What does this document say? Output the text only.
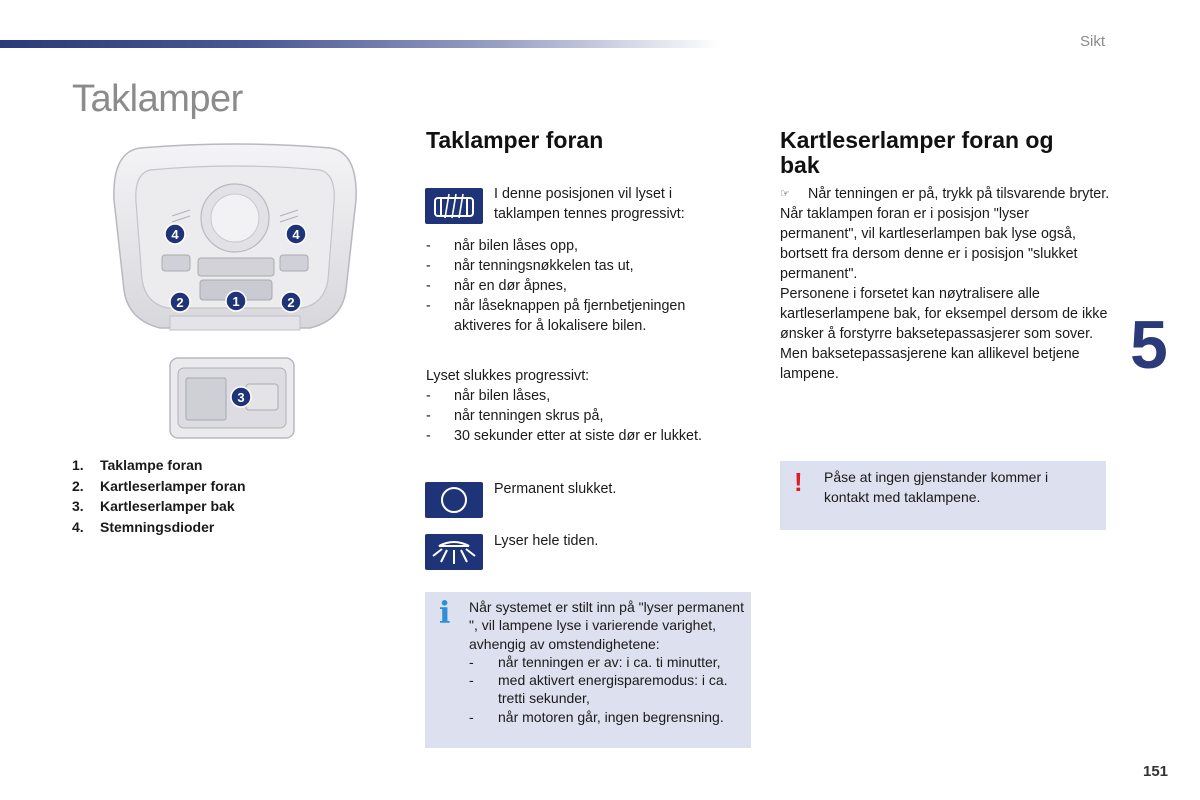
Sikt
Taklamper
5
151
4	4
1
2	2
3
1. Taklampe foran
2. Kartleserlamper foran
3. Kartleserlamper bak
4. Stemningsdioder
Taklamper foran
I denne posisjonen vil lyset i taklampen tennes progressivt:
- når bilen låses opp,
- når tenningsnøkkelen tas ut,
- når en dør åpnes,
- når låseknappen på fjernbetjeningen aktiveres for å lokalisere bilen.

Lyset slukkes progressivt:

- når bilen låses,
- når tenningen skrus på,
- 30 sekunder etter at siste dør er lukket.
Permanent slukket.
Lyser hele tiden.
i Når systemet er stilt inn på "lyser permanent ", vil lampene lyse i varierende varighet, avhengig av omstendighetene:
- når tenningen er av: i ca. ti minutter,
- med aktivert energisparemodus: i ca. tretti sekunder,
- når motoren går, ingen begrensning.
Kartleserlamper foran og bak
☞	Når tenningen er på, trykk på tilsvarende bryter.

Når taklampen foran er i posisjon "lyser permanent", vil kartleserlampen bak lyse også, bortsett fra dersom denne er i posisjon "slukket permanent".

Personene i forsetet kan nøytralisere alle kartleserlampene bak, for eksempel dersom de ikke ønsker å forstyrre baksetepassasjerer som sover. Men baksetepassasjerene kan allikevel betjene lampene.

! Påse at ingen gjenstander kommer i kontakt med taklampene.
